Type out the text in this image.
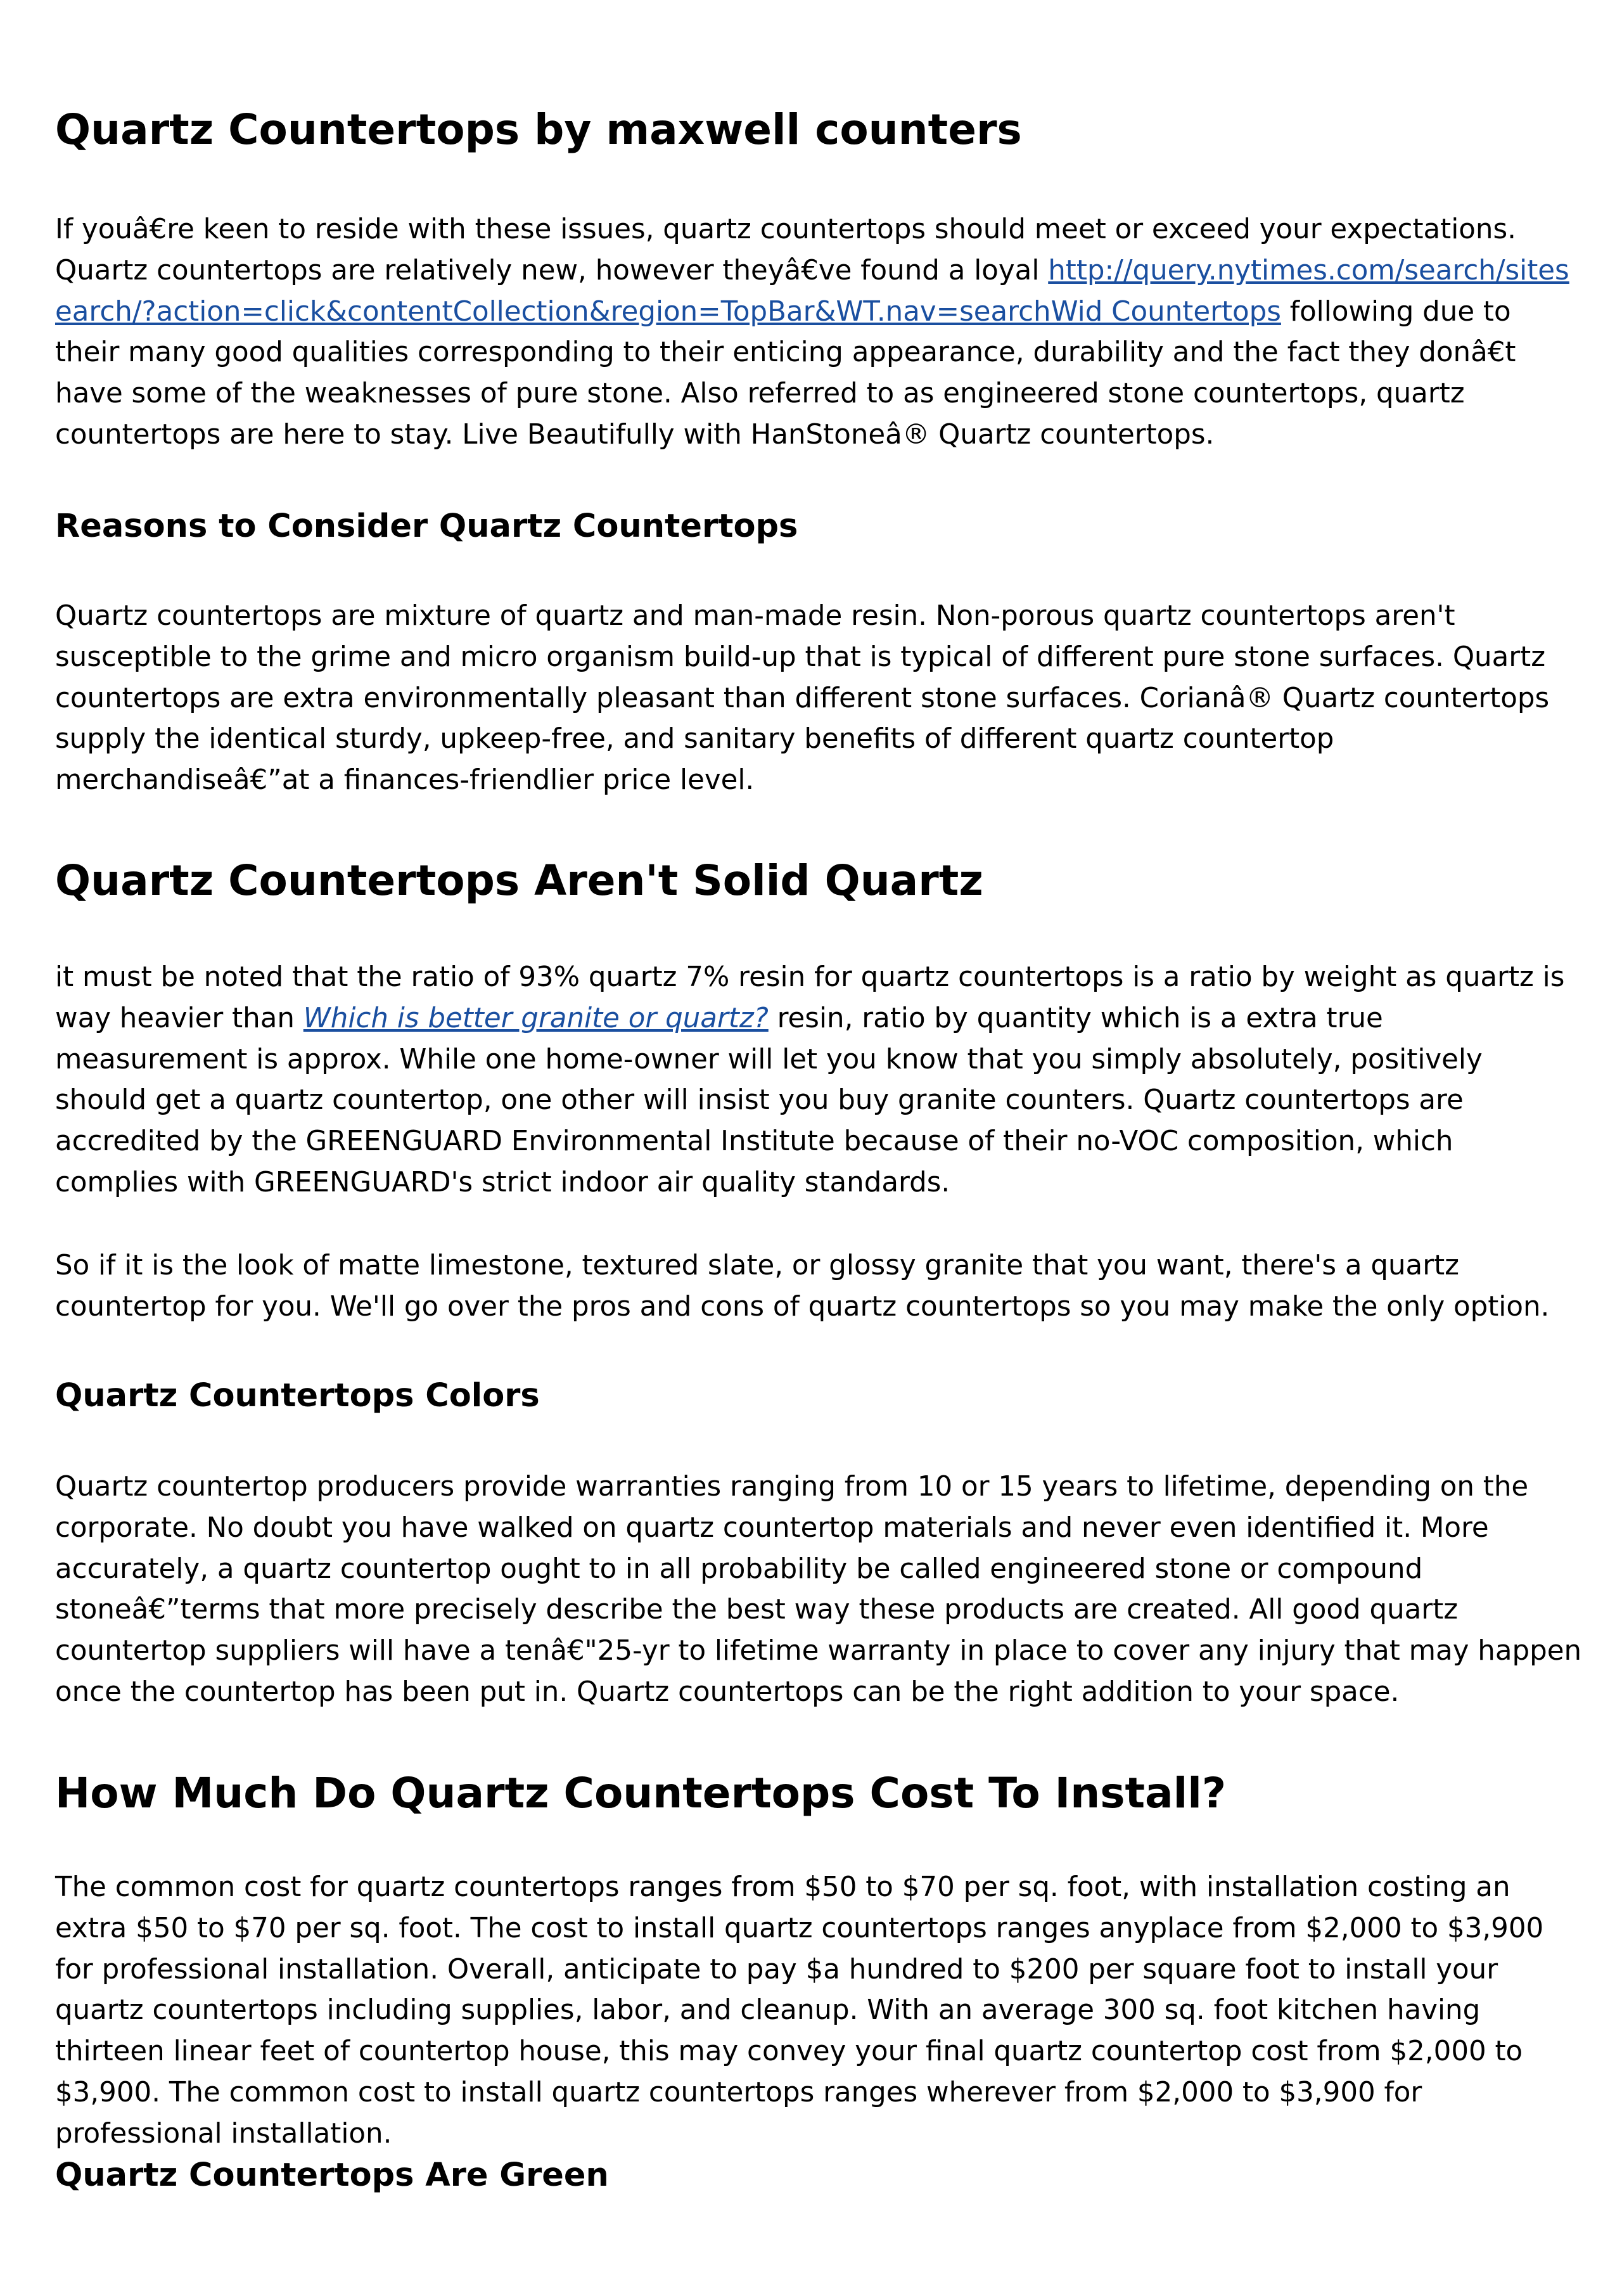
Quartz Countertops by maxwell counters

If youâ€re keen to reside with these issues, quartz countertops should meet or exceed your expectations. Quartz countertops are relatively new, however theyâ€ve found a loyal http://query.nytimes.com/search/sitesearch/?action=click&contentCollection&region=TopBar&WT.nav=searchWid Countertops following due to their many good qualities corresponding to their enticing appearance, durability and the fact they donâ€t have some of the weaknesses of pure stone. Also referred to as engineered stone countertops, quartz countertops are here to stay. Live Beautifully with HanStoneâ® Quartz countertops.

Reasons to Consider Quartz Countertops

Quartz countertops are mixture of quartz and man-made resin. Non-porous quartz countertops aren't susceptible to the grime and micro organism build-up that is typical of different pure stone surfaces. Quartz countertops are extra environmentally pleasant than different stone surfaces. Corianâ® Quartz countertops supply the identical sturdy, upkeep-free, and sanitary benefits of different quartz countertop merchandiseâ€”at a finances-friendlier price level.

Quartz Countertops Aren't Solid Quartz

it must be noted that the ratio of 93% quartz 7% resin for quartz countertops is a ratio by weight as quartz is way heavier than Which is better granite or quartz? resin, ratio by quantity which is a extra true measurement is approx. While one home-owner will let you know that you simply absolutely, positively should get a quartz countertop, one other will insist you buy granite counters. Quartz countertops are accredited by the GREENGUARD Environmental Institute because of their no-VOC composition, which complies with GREENGUARD's strict indoor air quality standards.

So if it is the look of matte limestone, textured slate, or glossy granite that you want, there's a quartz countertop for you. We'll go over the pros and cons of quartz countertops so you may make the only option.

Quartz Countertops Colors

Quartz countertop producers provide warranties ranging from 10 or 15 years to lifetime, depending on the corporate. No doubt you have walked on quartz countertop materials and never even identified it. More accurately, a quartz countertop ought to in all probability be called engineered stone or compound stoneâ€”terms that more precisely describe the best way these products are created. All good quartz countertop suppliers will have a tenâ€"25-yr to lifetime warranty in place to cover any injury that may happen once the countertop has been put in. Quartz countertops can be the right addition to your space.

How Much Do Quartz Countertops Cost To Install?

The common cost for quartz countertops ranges from $50 to $70 per sq. foot, with installation costing an extra $50 to $70 per sq. foot. The cost to install quartz countertops ranges anyplace from $2,000 to $3,900 for professional installation. Overall, anticipate to pay $a hundred to $200 per square foot to install your quartz countertops including supplies, labor, and cleanup. With an average 300 sq. foot kitchen having thirteen linear feet of countertop house, this may convey your final quartz countertop cost from $2,000 to $3,900. The common cost to install quartz countertops ranges wherever from $2,000 to $3,900 for professional installation.

Quartz Countertops Are Green
